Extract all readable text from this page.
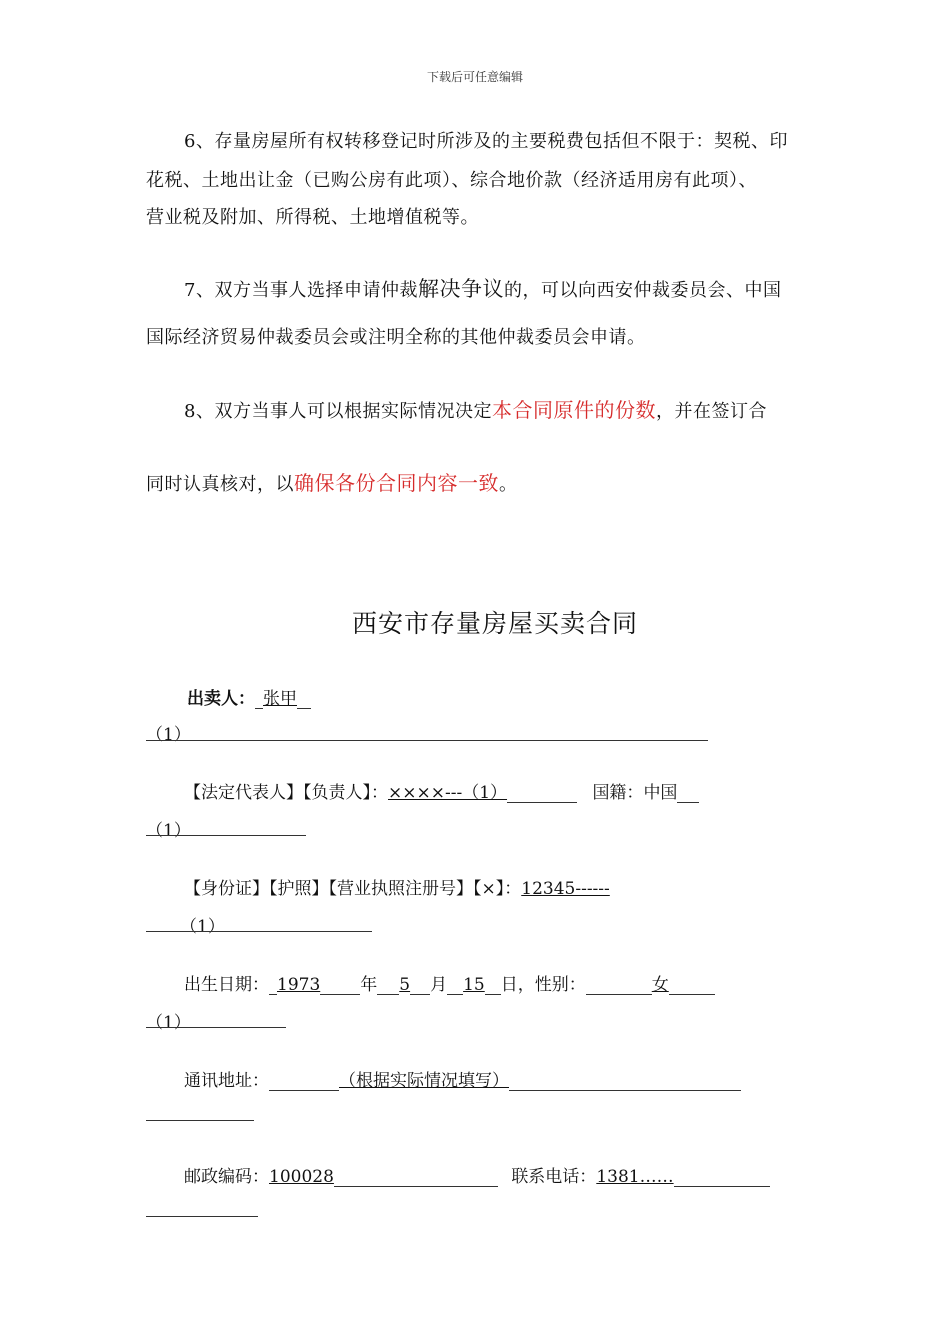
下载后可任意编辑
6、存量房屋所有权转移登记时所涉及的主要税费包括但不限于：契税、印
花税、土地出让金（已购公房有此项）、综合地价款（经济适用房有此项）、
营业税及附加、所得税、土地增值税等。
7、双方当事人选择申请仲裁解决争议的，可以向西安仲裁委员会、中国
国际经济贸易仲裁委员会或注明全称的其他仲裁委员会申请。
8、双方当事人可以根据实际情况决定本合同原件的份数，并在签订合
同时认真核对，以确保各份合同内容一致。
西安市存量房屋买卖合同
出卖人： 张甲
（1）
【法定代表人】【负责人】：××××---（1）	国籍：中国
（1）
【身份证】【护照】【营业执照注册号】【×】：12345------
（1）
出生日期： 1973 年 5 月 15 日，性别：	女
（1）
通讯地址：	（根据实际情况填写）
邮政编码：100028	联系电话：1381……
